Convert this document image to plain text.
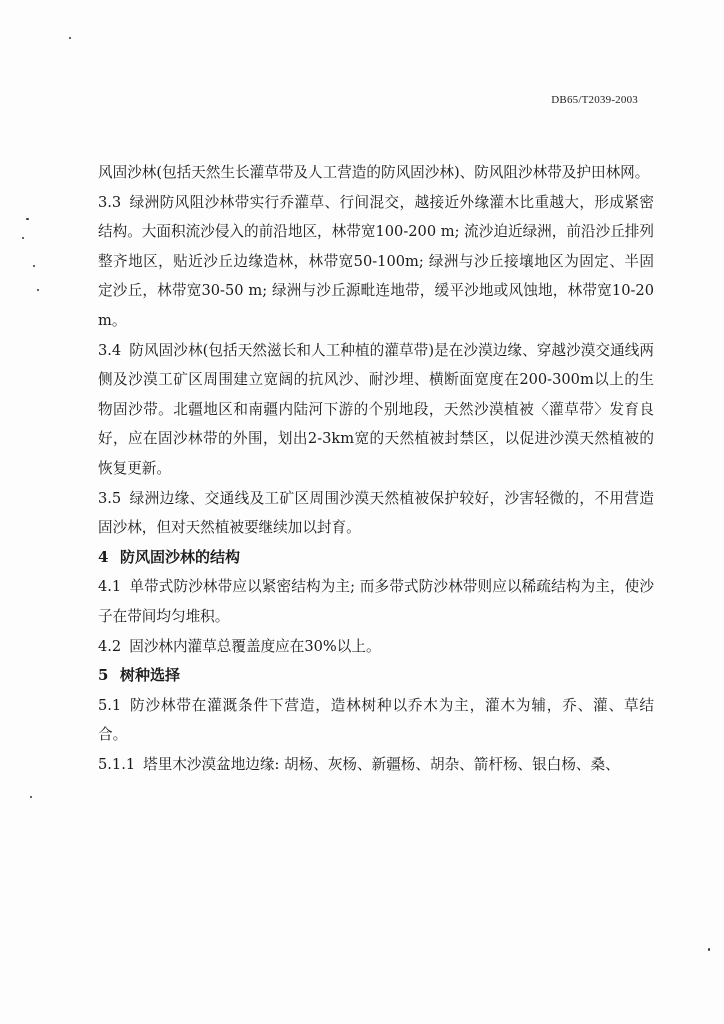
DB65/T2039-2003

风固沙林(包括天然生长灌草带及人工营造的防风固沙林)、防风阻沙林带及护田林网。

3.3 绿洲防风阻沙林带实行乔灌草、行间混交，越接近外缘灌木比重越大，形成紧密结构。大面积流沙侵入的前沿地区，林带宽100-200 m; 流沙迫近绿洲，前沿沙丘排列整齐地区，贴近沙丘边缘造林，林带宽50-100m; 绿洲与沙丘接壤地区为固定、半固定沙丘，林带宽30-50 m; 绿洲与沙丘源毗连地带，缓平沙地或风蚀地，林带宽10-20m。

3.4 防风固沙林(包括天然滋长和人工种植的灌草带)是在沙漠边缘、穿越沙漠交通线两侧及沙漠工矿区周围建立宽阔的抗风沙、耐沙埋、横断面宽度在200-300m以上的生物固沙带。北疆地区和南疆内陆河下游的个别地段，天然沙漠植被〈灌草带〉发育良好，应在固沙林带的外围，划出2-3km宽的天然植被封禁区，以促进沙漠天然植被的恢复更新。

3.5 绿洲边缘、交通线及工矿区周围沙漠天然植被保护较好，沙害轻微的，不用营造固沙林，但对天然植被要继续加以封育。

4 防风固沙林的结构

4.1 单带式防沙林带应以紧密结构为主; 而多带式防沙林带则应以稀疏结构为主，使沙子在带间均匀堆积。

4.2 固沙林内灌草总覆盖度应在30%以上。

5 树种选择

5.1 防沙林带在灌溉条件下营造，造林树种以乔木为主，灌木为辅，乔、灌、草结合。

5.1.1 塔里木沙漠盆地边缘: 胡杨、灰杨、新疆杨、胡杂、箭杆杨、银白杨、桑、
